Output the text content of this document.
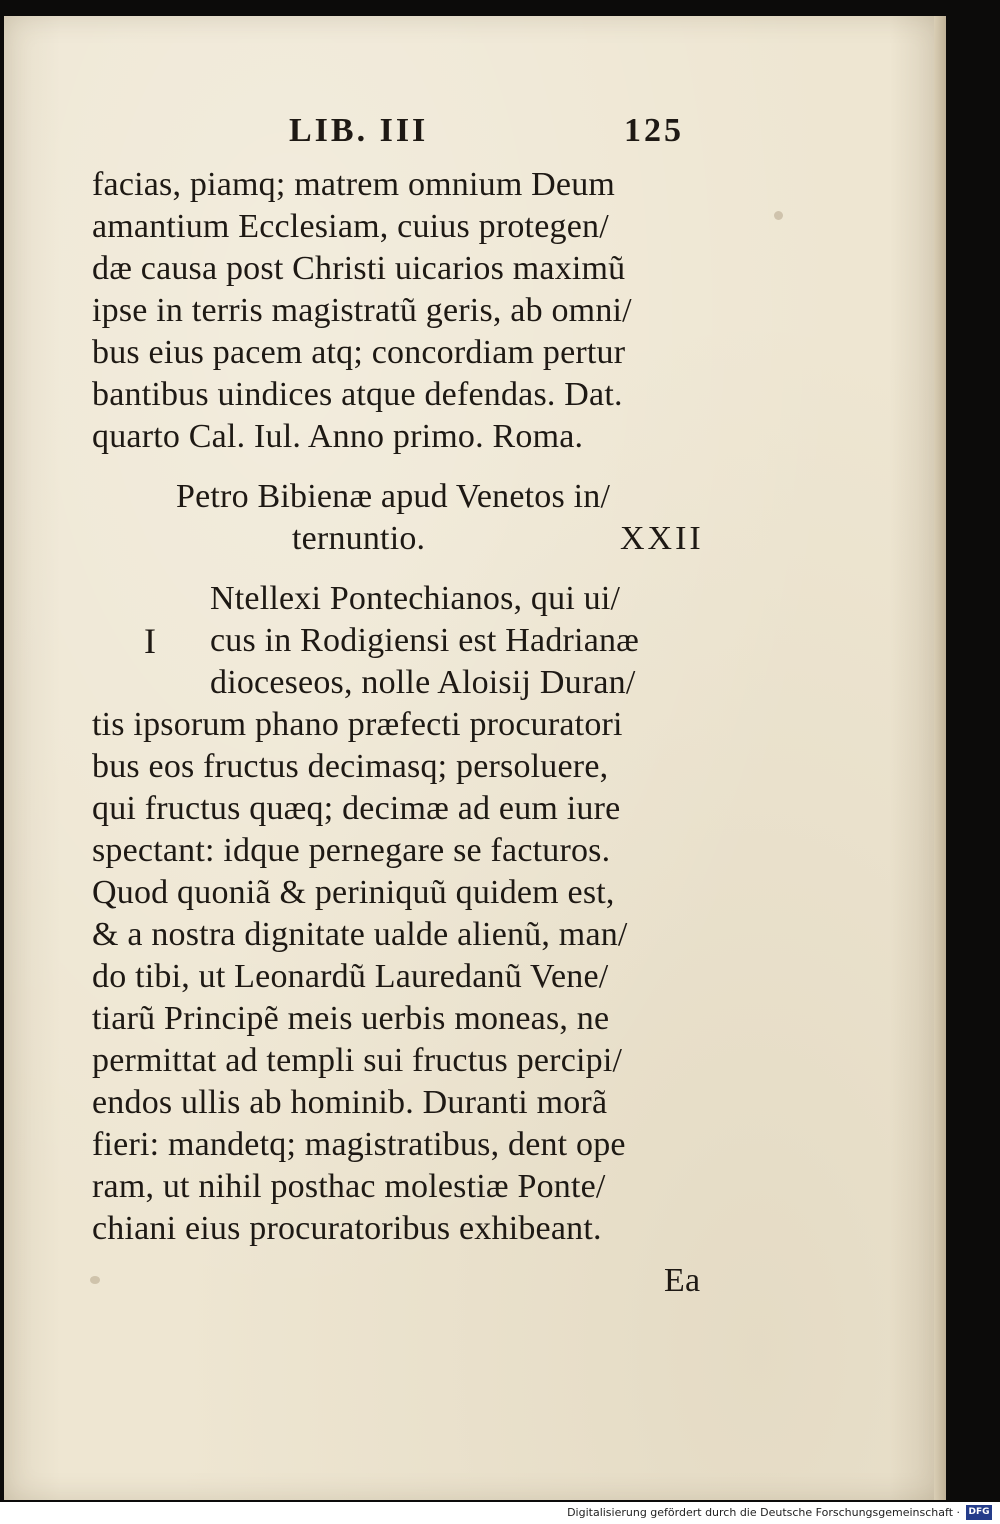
LIB. III	125
facias, piamq; matrem omnium Deum
amantium Ecclesiam, cuius protegen/
dæ causa post Christi uicarios maximũ
ipse in terris magistratũ geris, ab omni/
bus eius pacem atq; concordiam pertur
bantibus uindices atque defendas. Dat.
quarto Cal. Iul. Anno primo. Roma.
Petro Bibienæ apud Venetos in/
ternuntio.	XXII
I
Ntellexi Pontechianos, qui ui/
cus in Rodigiensi est Hadrianæ
dioceseos, nolle Aloisij Duran/
tis ipsorum phano præfecti procuratori
bus eos fructus decimasq; persoluere,
qui fructus quæq; decimæ ad eum iure
spectant: idque pernegare se facturos.
Quod quoniã & periniquũ quidem est,
& a nostra dignitate ualde alienũ, man/
do tibi, ut Leonardũ Lauredanũ Vene/
tiarũ Principẽ meis uerbis moneas, ne
permittat ad templi sui fructus percipi/
endos ullis ab hominib. Duranti morã
fieri: mandetq; magistratibus, dent ope
ram, ut nihil posthac molestiæ Ponte/
chiani eius procuratoribus exhibeant.
Ea
Digitalisierung gefördert durch die Deutsche Forschungsgemeinschaft · DFG
